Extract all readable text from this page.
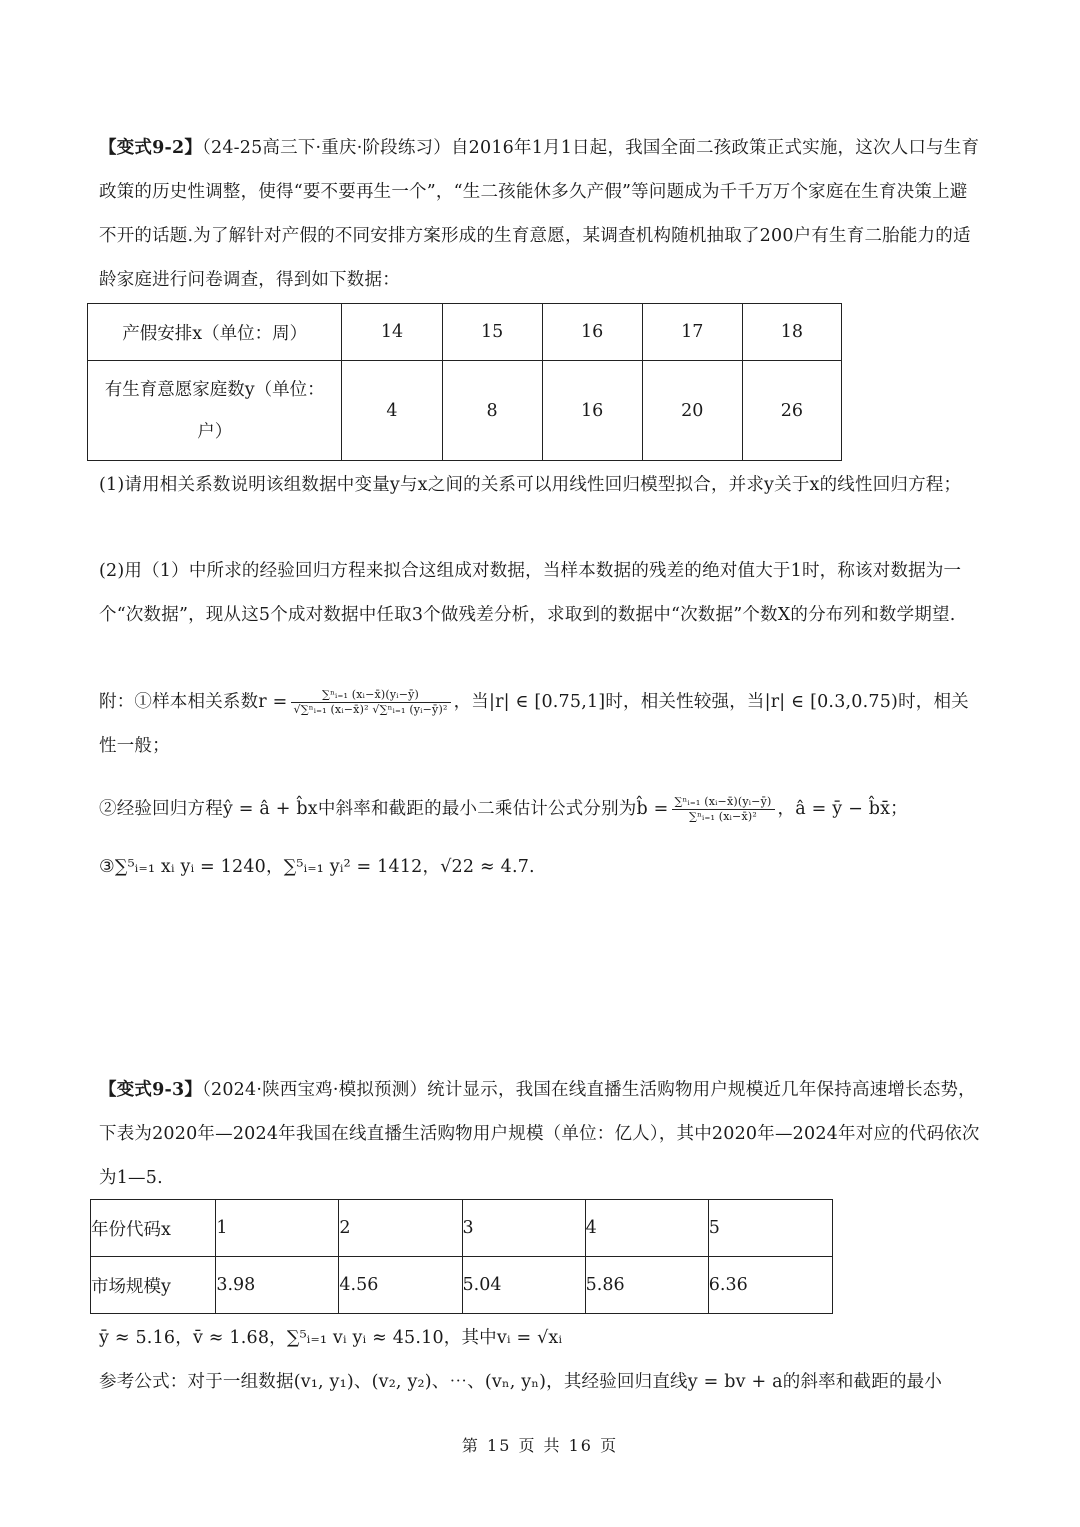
【变式9-2】（24-25高三下·重庆·阶段练习）自2016年1月1日起，我国全面二孩政策正式实施，这次人口与生育政策的历史性调整，使得“要不要再生一个”，“生二孩能休多久产假”等问题成为千千万万个家庭在生育决策上避不开的话题.为了解针对产假的不同安排方案形成的生育意愿，某调查机构随机抽取了200户有生育二胎能力的适龄家庭进行问卷调查，得到如下数据：
产假安排x（单位：周）	14	15	16	17	18
有生育意愿家庭数y（单位：
户）	4	8	16	20	26
(1)请用相关系数说明该组数据中变量y与x之间的关系可以用线性回归模型拟合，并求y关于x的线性回归方程；
(2)用（1）中所求的经验回归方程来拟合这组成对数据，当样本数据的残差的绝对值大于1时，称该对数据为一个“次数据”，现从这5个成对数据中任取3个做残差分析，求取到的数据中“次数据”个数X的分布列和数学期望.
附：①样本相关系数$r = \frac{\text{∑ⁿᵢ₌₁ (xᵢ−x̄)(yᵢ−ȳ)}}{\text{√∑ⁿᵢ₌₁ (xᵢ−x̄)² √∑ⁿᵢ₌₁ (yᵢ−ȳ)²}}$ ，当|r| ∈ [0.75,1]时，相关性较强，当|r| ∈ [0.3,0.75)时，相关性一般；
②经验回归方程ŷ = â + b̂x中斜率和截距的最小二乘估计公式分别为b̂ = $\frac{\text{∑ⁿᵢ₌₁ (xᵢ−x̄)(yᵢ−ȳ)}}{\text{∑ⁿᵢ₌₁ (xᵢ−x̄)²}}$ ，â = ȳ − b̂x̄；
③∑⁵ᵢ₌₁ xᵢ yᵢ = 1240，∑⁵ᵢ₌₁ yᵢ² = 1412，√22 ≈ 4.7.
【变式9-3】（2024·陕西宝鸡·模拟预测）统计显示，我国在线直播生活购物用户规模近几年保持高速增长态势，下表为2020年—2024年我国在线直播生活购物用户规模（单位：亿人），其中2020年—2024年对应的代码依次为1—5.
年份代码x	1	2	3	4	5
市场规模y	3.98	4.56	5.04	5.86	6.36
ȳ ≈ 5.16，v̄ ≈ 1.68，∑⁵ᵢ₌₁ vᵢ yᵢ ≈ 45.10，其中vᵢ = √xᵢ
参考公式：对于一组数据(v₁, y₁)、(v₂, y₂)、⋯、(vₙ, yₙ)，其经验回归直线y = bv + a的斜率和截距的最小
第 15 页 共 16 页
